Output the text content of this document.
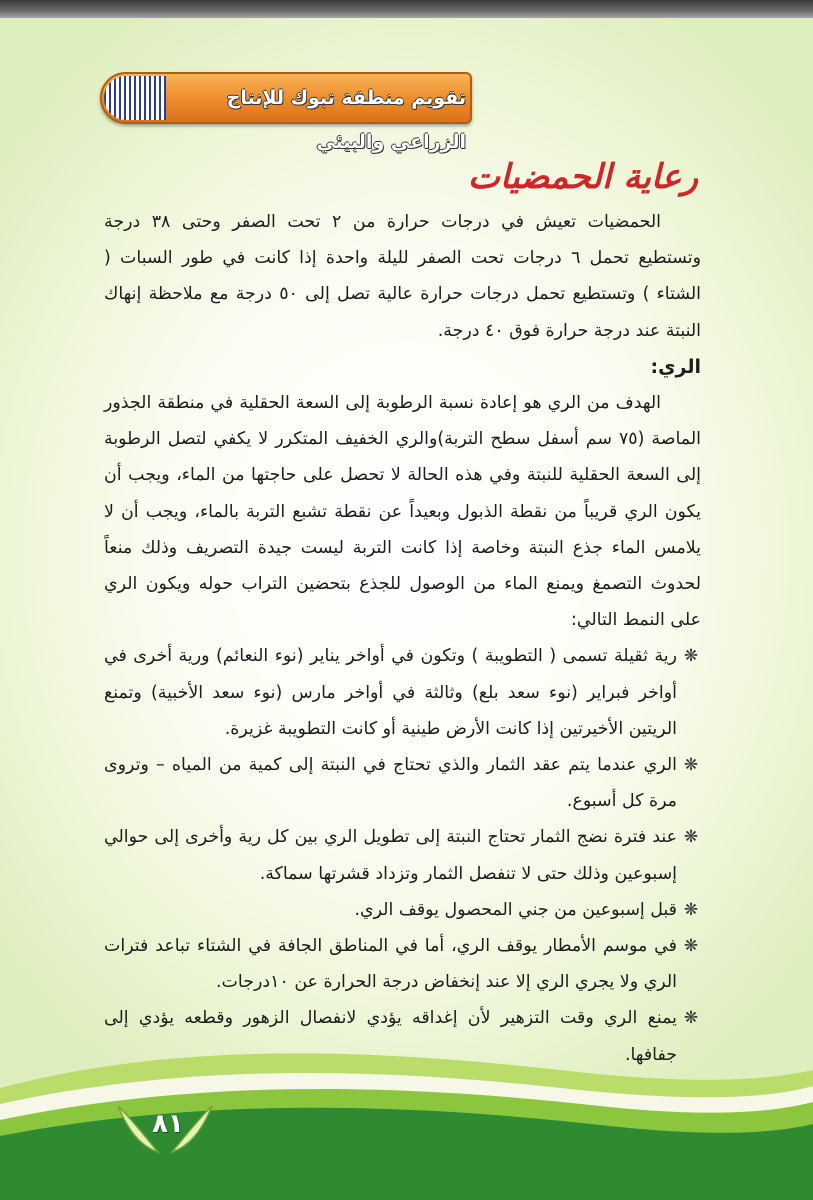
تقويم منطقة تبوك للإنتاج الزراعي والبيئي
رعاية الحمضيات

الحمضيات تعيش في درجات حرارة من ٢ تحت الصفر وحتى ٣٨ درجة وتستطيع تحمل ٦ درجات تحت الصفر لليلة واحدة إذا كانت في طور السبات ( الشتاء ) وتستطيع تحمل درجات حرارة عالية تصل إلى ٥٠ درجة مع ملاحظة إنهاك النبتة عند درجة حرارة فوق ٤٠ درجة.

الري:

الهدف من الري هو إعادة نسبة الرطوبة إلى السعة الحقلية في منطقة الجذور الماصة (٧٥ سم أسفل سطح التربة)والري الخفيف المتكرر لا يكفي لتصل الرطوبة إلى السعة الحقلية للنبتة وفي هذه الحالة لا تحصل على حاجتها من الماء، ويجب أن يكون الري قريباً من نقطة الذبول وبعيداً عن نقطة تشبع التربة بالماء، ويجب أن لا يلامس الماء جذع النبتة وخاصة إذا كانت التربة ليست جيدة التصريف وذلك منعاً لحدوث التصمغ ويمنع الماء من الوصول للجذع بتحضين التراب حوله ويكون الري على النمط التالي:

❋
رية ثقيلة تسمى ( التطويبة ) وتكون في أواخر يناير (نوء النعائم) ورية أخرى في أواخر فبراير (نوء سعد بلع) وثالثة في أواخر مارس (نوء سعد الأخبية) وتمنع الريتين الأخيرتين إذا كانت الأرض طينية أو كانت التطويبة غزيرة.

❋
الري عندما يتم عقد الثمار والذي تحتاج في النبتة إلى كمية من المياه – وتروى مرة كل أسبوع.

❋
عند فترة نضج الثمار تحتاج النبتة إلى تطويل الري بين كل رية وأخرى إلى حوالي إسبوعين وذلك حتى لا تنفصل الثمار وتزداد قشرتها سماكة.

❋
قبل إسبوعين من جني المحصول يوقف الري.

❋
في موسم الأمطار يوقف الري، أما في المناطق الجافة في الشتاء تباعد فترات الري ولا يجري الري إلا عند إنخفاض درجة الحرارة عن ١٠درجات.

❋
يمنع الري وقت التزهير لأن إغداقه يؤدي لانفصال الزهور وقطعه يؤدي إلى جفافها.

٨١
